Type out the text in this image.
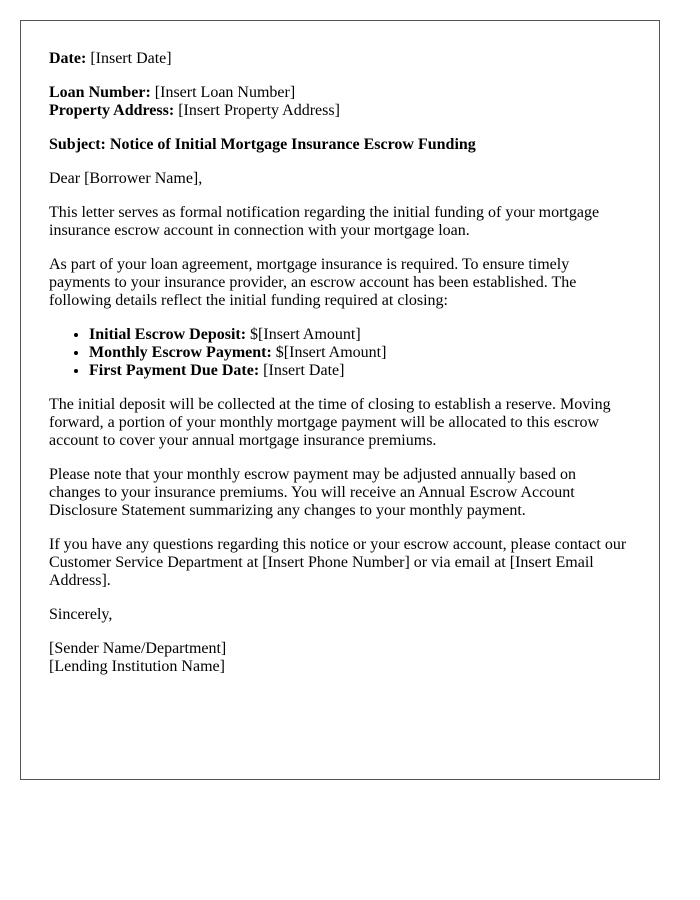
Date: [Insert Date]

Loan Number: [Insert Loan Number]

Property Address: [Insert Property Address]

Subject: Notice of Initial Mortgage Insurance Escrow Funding

Dear [Borrower Name],

This letter serves as formal notification regarding the initial funding of your mortgage insurance escrow account in connection with your mortgage loan.

As part of your loan agreement, mortgage insurance is required. To ensure timely payments to your insurance provider, an escrow account has been established. The following details reflect the initial funding required at closing:

• Initial Escrow Deposit: $[Insert Amount]
• Monthly Escrow Payment: $[Insert Amount]
• First Payment Due Date: [Insert Date]

The initial deposit will be collected at the time of closing to establish a reserve. Moving forward, a portion of your monthly mortgage payment will be allocated to this escrow account to cover your annual mortgage insurance premiums.

Please note that your monthly escrow payment may be adjusted annually based on changes to your insurance premiums. You will receive an Annual Escrow Account Disclosure Statement summarizing any changes to your monthly payment.

If you have any questions regarding this notice or your escrow account, please contact our Customer Service Department at [Insert Phone Number] or via email at [Insert Email Address].

Sincerely,

[Sender Name/Department]

[Lending Institution Name]
